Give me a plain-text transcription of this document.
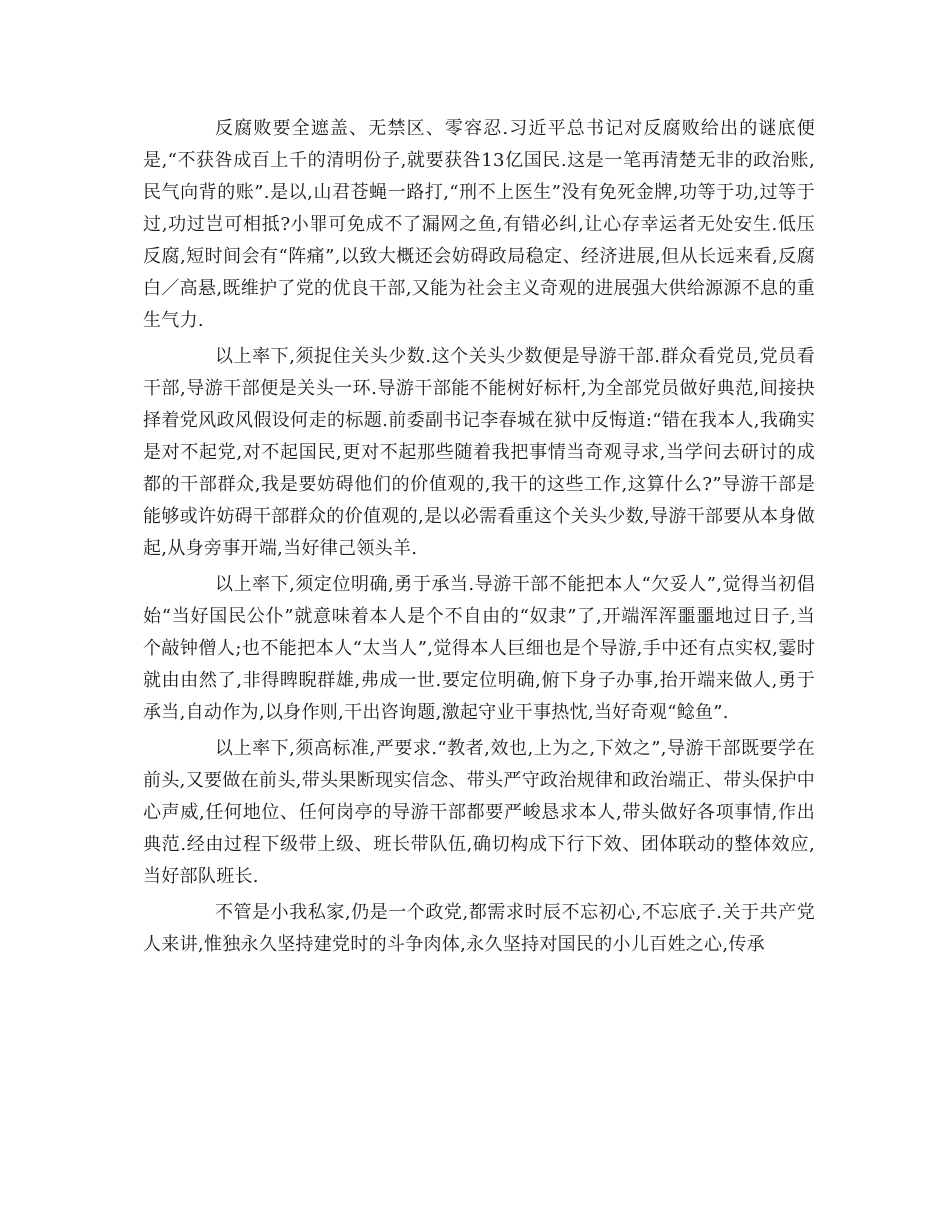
反腐败要全遮盖、无禁区、零容忍.习近平总书记对反腐败给出的谜底便是,“不获咎成百上千的清明份子,就要获咎13亿国民.这是一笔再清楚无非的政治账,民气向背的账”.是以,山君苍蝇一路打,“刑不上医生”没有免死金牌,功等于功,过等于过,功过岂可相抵?小罪可免成不了漏网之鱼,有错必纠,让心存幸运者无处安生.低压反腐,短时间会有“阵痛”,以致大概还会妨碍政局稳定、经济进展,但从长远来看,反腐白／高悬,既维护了党的优良干部,又能为社会主义奇观的进展强大供给源源不息的重生气力.

以上率下,须捉住关头少数.这个关头少数便是导游干部.群众看党员,党员看干部,导游干部便是关头一环.导游干部能不能树好标杆,为全部党员做好典范,间接抉择着党风政风假设何走的标题.前委副书记李春城在狱中反悔道:“错在我本人,我确实是对不起党,对不起国民,更对不起那些随着我把事情当奇观寻求,当学问去研讨的成都的干部群众,我是要妨碍他们的价值观的,我干的这些工作,这算什么?”导游干部是能够或许妨碍干部群众的价值观的,是以必需看重这个关头少数,导游干部要从本身做起,从身旁事开端,当好律己领头羊.

以上率下,须定位明确,勇于承当.导游干部不能把本人“欠妥人”,觉得当初倡始“当好国民公仆”就意味着本人是个不自由的“奴隶”了,开端浑浑噩噩地过日子,当个敲钟僧人;也不能把本人“太当人”,觉得本人巨细也是个导游,手中还有点实权,霎时就由由然了,非得睥睨群雄,弗成一世.要定位明确,俯下身子办事,抬开端来做人,勇于承当,自动作为,以身作则,干出咨询题,激起守业干事热忱,当好奇观“鲶鱼”.

以上率下,须高标准,严要求.“教者,效也,上为之,下效之”,导游干部既要学在前头,又要做在前头,带头果断现实信念、带头严守政治规律和政治端正、带头保护中心声威,任何地位、任何岗亭的导游干部都要严峻恳求本人,带头做好各项事情,作出典范.经由过程下级带上级、班长带队伍,确切构成下行下效、团体联动的整体效应,当好部队班长.

不管是小我私家,仍是一个政党,都需求时辰不忘初心,不忘底子.关于共产党人来讲,惟独永久坚持建党时的斗争肉体,永久坚持对国民的小儿百姓之心,传承
